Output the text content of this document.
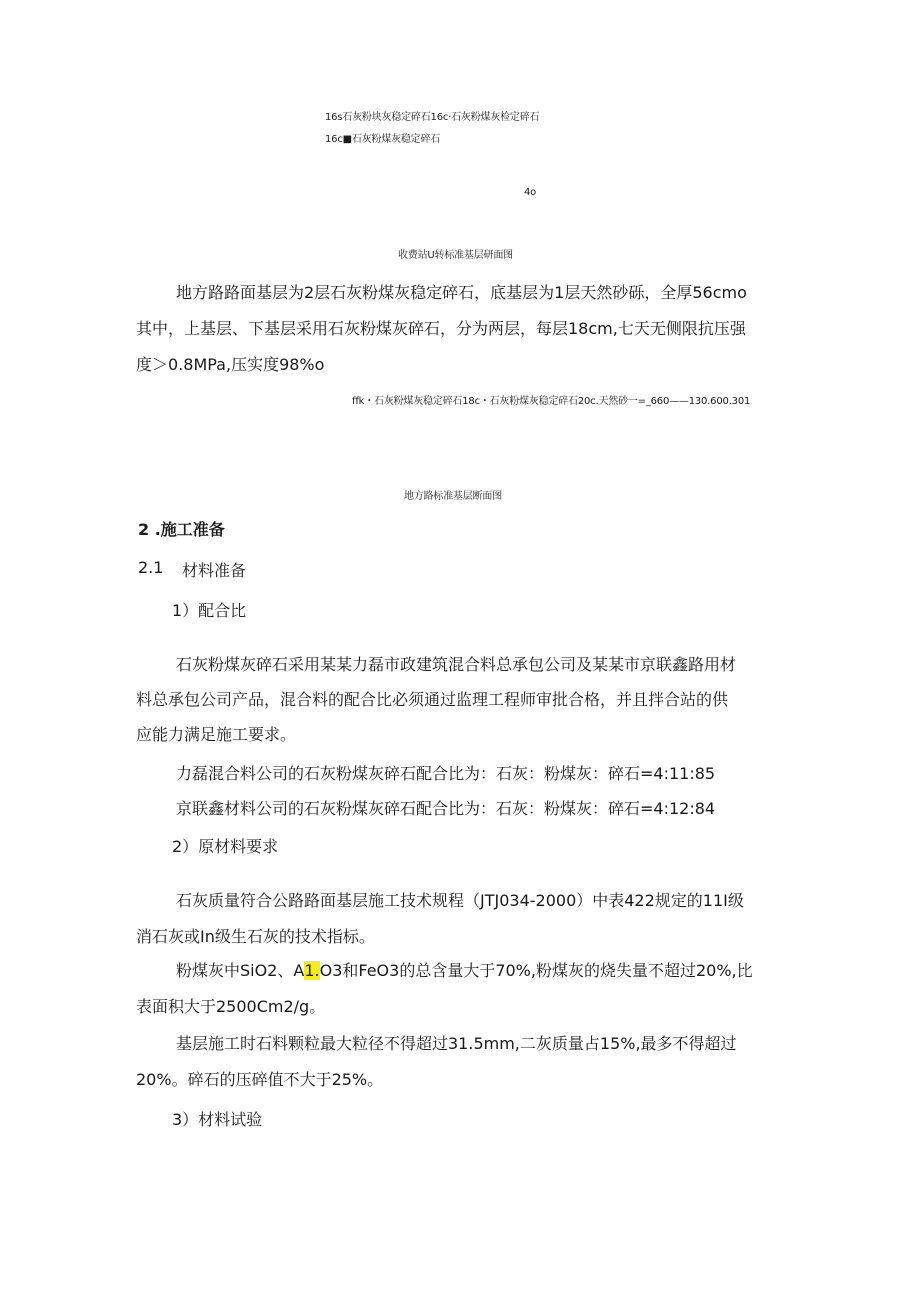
16s石灰粉块灰稳定碎石16c·石灰粉煤灰检定碎石
16c■石灰粉煤灰稳定碎石
4o
收费站U转标准基层研面图
地方路路面基层为2层石灰粉煤灰稳定碎石，底基层为1层天然砂砾，全厚56cmo
其中，上基层、下基层采用石灰粉煤灰碎石，分为两层，每层18cm,七天无侧限抗压强
度＞0.8MPa,压实度98%o
ffk・石灰粉煤灰稳定碎石18c・石灰粉煤灰稳定碎石20c.天然砂一=_660——130.600.301
地方路标准基层断面图
2 .施工准备
2.1 材料准备
1）配合比
石灰粉煤灰碎石采用某某力磊市政建筑混合料总承包公司及某某市京联鑫路用材
料总承包公司产品，混合料的配合比必须通过监理工程师审批合格，并且拌合站的供
应能力满足施工要求。
力磊混合料公司的石灰粉煤灰碎石配合比为：石灰：粉煤灰：碎石=4:11:85
京联鑫材料公司的石灰粉煤灰碎石配合比为：石灰：粉煤灰：碎石=4:12:84
2）原材料要求
石灰质量符合公路路面基层施工技术规程（JTJ034-2000）中表422规定的11I级
消石灰或In级生石灰的技术指标。
粉煤灰中SiO2、A1.O3和FeO3的总含量大于70%,粉煤灰的烧失量不超过20%,比
表面积大于2500Cm2/g。
基层施工时石料颗粒最大粒径不得超过31.5mm,二灰质量占15%,最多不得超过
20%。碎石的压碎值不大于25%。
3）材料试验
